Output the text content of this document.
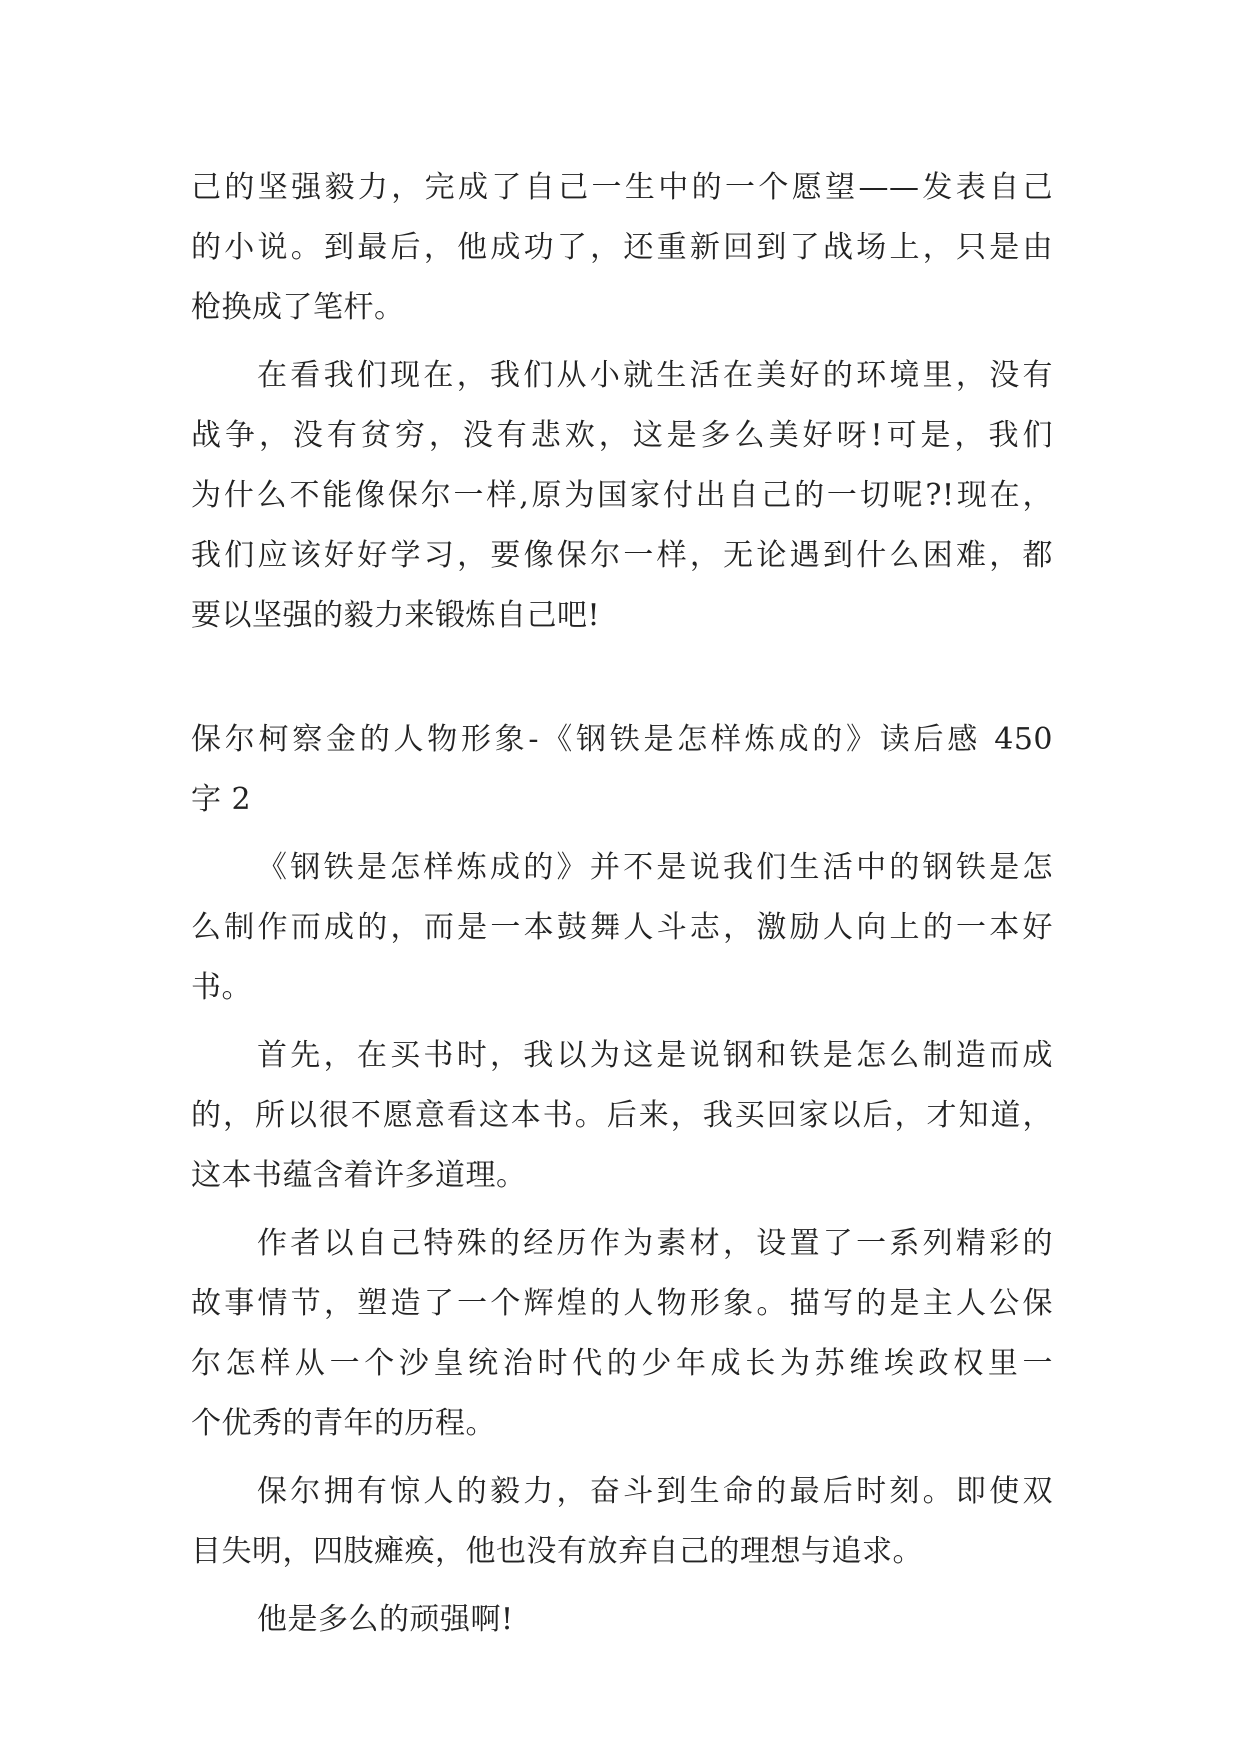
己的坚强毅力，完成了自己一生中的一个愿望——发表自己
的小说。到最后，他成功了，还重新回到了战场上，只是由
枪换成了笔杆。
在看我们现在，我们从小就生活在美好的环境里，没有
战争，没有贫穷，没有悲欢，这是多么美好呀!可是，我们
为什么不能像保尔一样,原为国家付出自己的一切呢?!现在，
我们应该好好学习，要像保尔一样，无论遇到什么困难，都
要以坚强的毅力来锻炼自己吧!
保尔柯察金的人物形象-《钢铁是怎样炼成的》读后感 450
字 2
《钢铁是怎样炼成的》并不是说我们生活中的钢铁是怎
么制作而成的，而是一本鼓舞人斗志，激励人向上的一本好
书。
首先，在买书时，我以为这是说钢和铁是怎么制造而成
的，所以很不愿意看这本书。后来，我买回家以后，才知道，
这本书蕴含着许多道理。
作者以自己特殊的经历作为素材，设置了一系列精彩的
故事情节，塑造了一个辉煌的人物形象。描写的是主人公保
尔怎样从一个沙皇统治时代的少年成长为苏维埃政权里一
个优秀的青年的历程。
保尔拥有惊人的毅力，奋斗到生命的最后时刻。即使双
目失明，四肢瘫痪，他也没有放弃自己的理想与追求。
他是多么的顽强啊!
